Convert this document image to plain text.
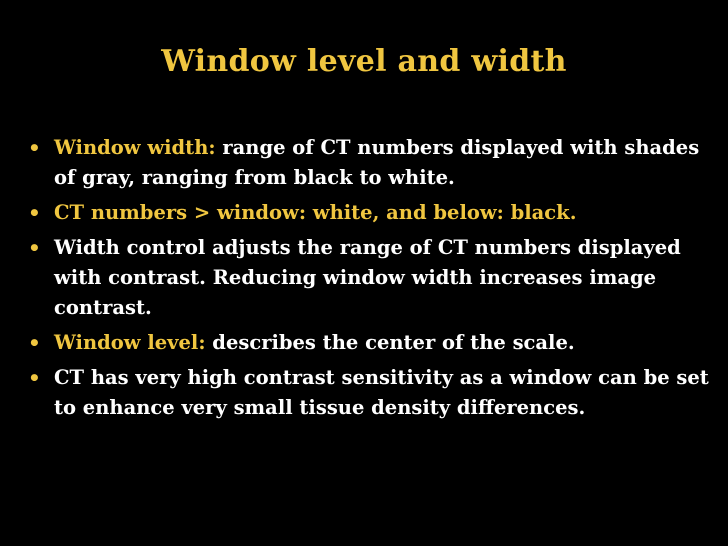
Window level and width
• Window width: range of CT numbers displayed with shades of gray, ranging from black to white.
• CT numbers > window: white, and below: black.
• Width control adjusts the range of CT numbers displayed with contrast. Reducing window width increases image contrast.
• Window level: describes the center of the scale.
• CT has very high contrast sensitivity as a window can be set to enhance very small tissue density differences.
